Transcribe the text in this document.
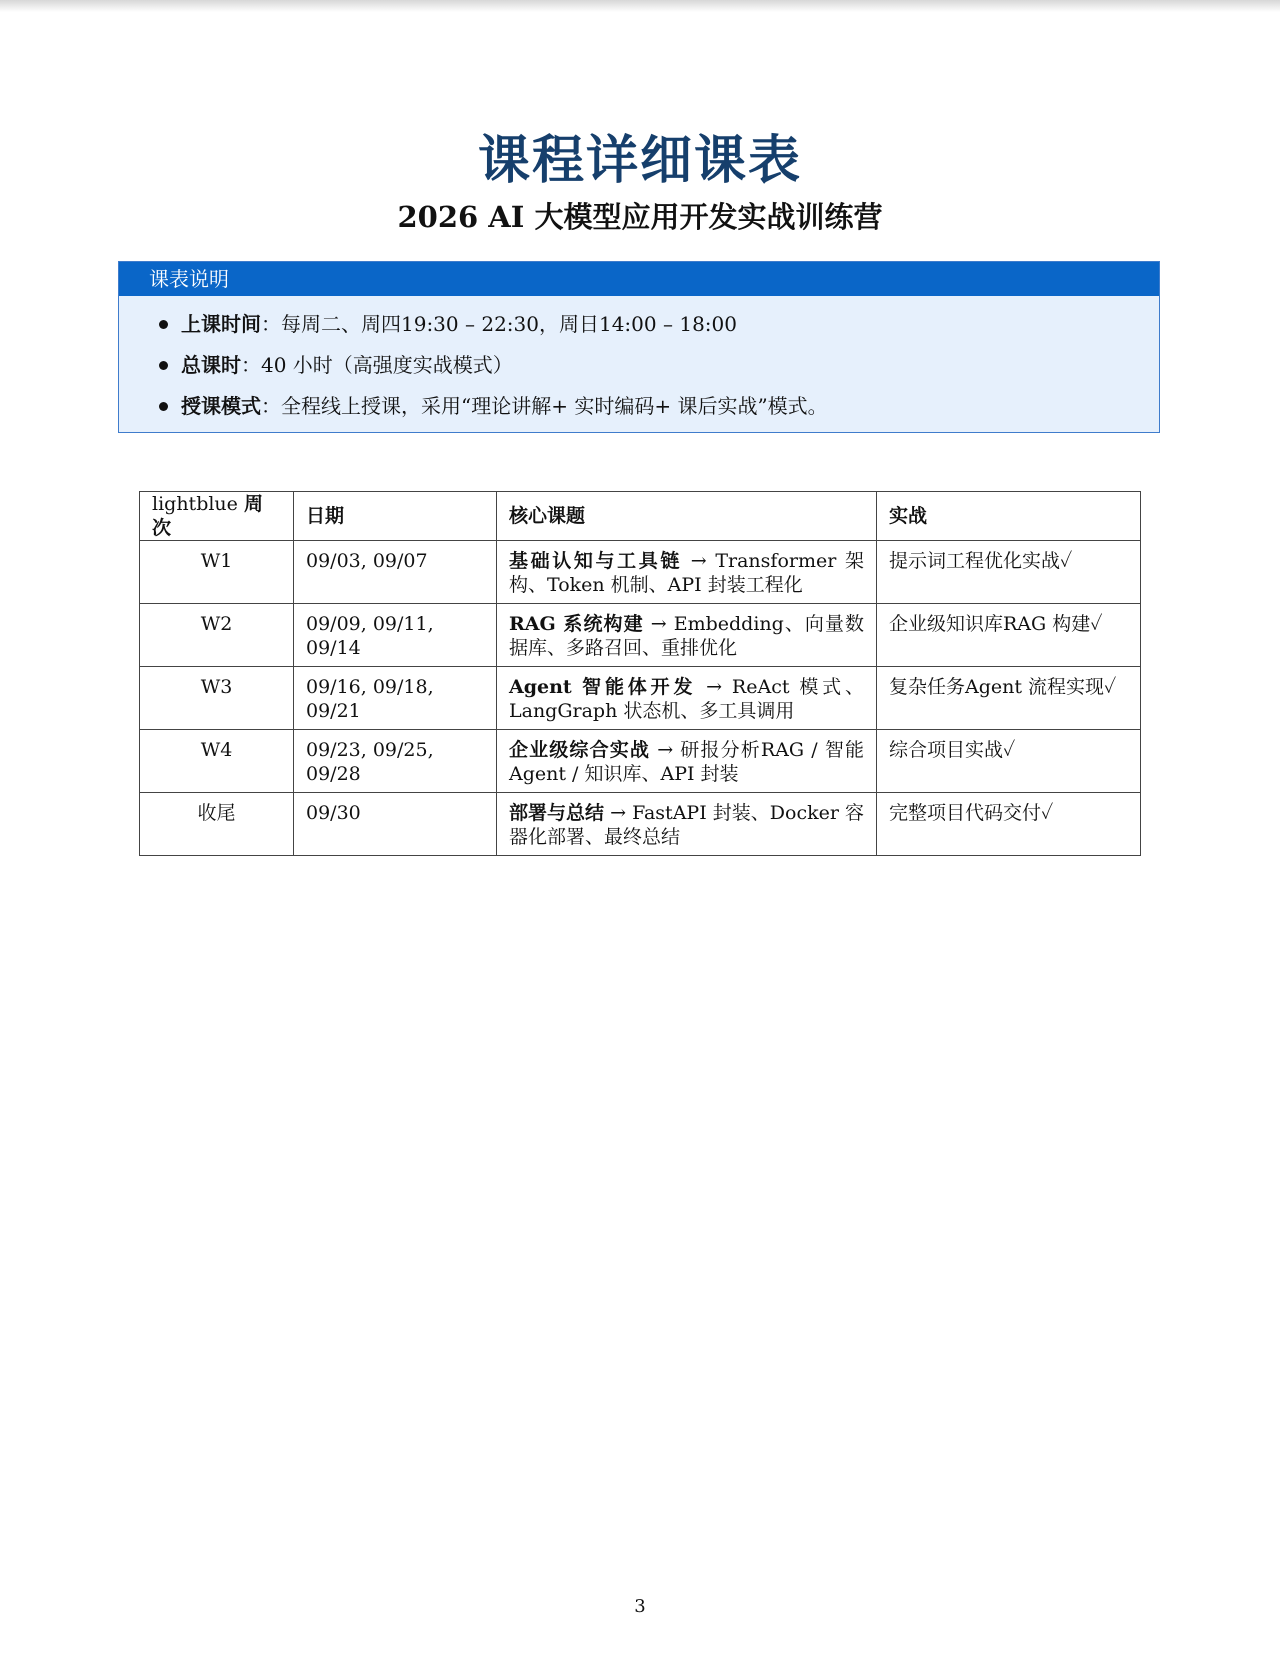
课程详细课表
2026 AI 大模型应用开发实战训练营
课表说明
上课时间：每周二、周四19:30 – 22:30，周日14:00 – 18:00
总课时：40 小时（高强度实战模式）
授课模式：全程线上授课，采用“理论讲解+ 实时编码+ 课后实战”模式。
lightblue 周次	日期	核心课题	实战
W1	09/03, 09/07	基础认知与工具链 → Transformer 架构、Token 机制、API 封装工程化	提示词工程优化实战✓
W2	09/09, 09/11, 09/14	RAG 系统构建 → Embedding、向量数据库、多路召回、重排优化	企业级知识库RAG 构建✓
W3	09/16, 09/18, 09/21	Agent 智能体开发 → ReAct 模式、LangGraph 状态机、多工具调用	复杂任务Agent 流程实现✓
W4	09/23, 09/25, 09/28	企业级综合实战 → 研报分析RAG / 智能Agent / 知识库、API 封装	综合项目实战✓
收尾	09/30	部署与总结 → FastAPI 封装、Docker 容器化部署、最终总结	完整项目代码交付✓
3
